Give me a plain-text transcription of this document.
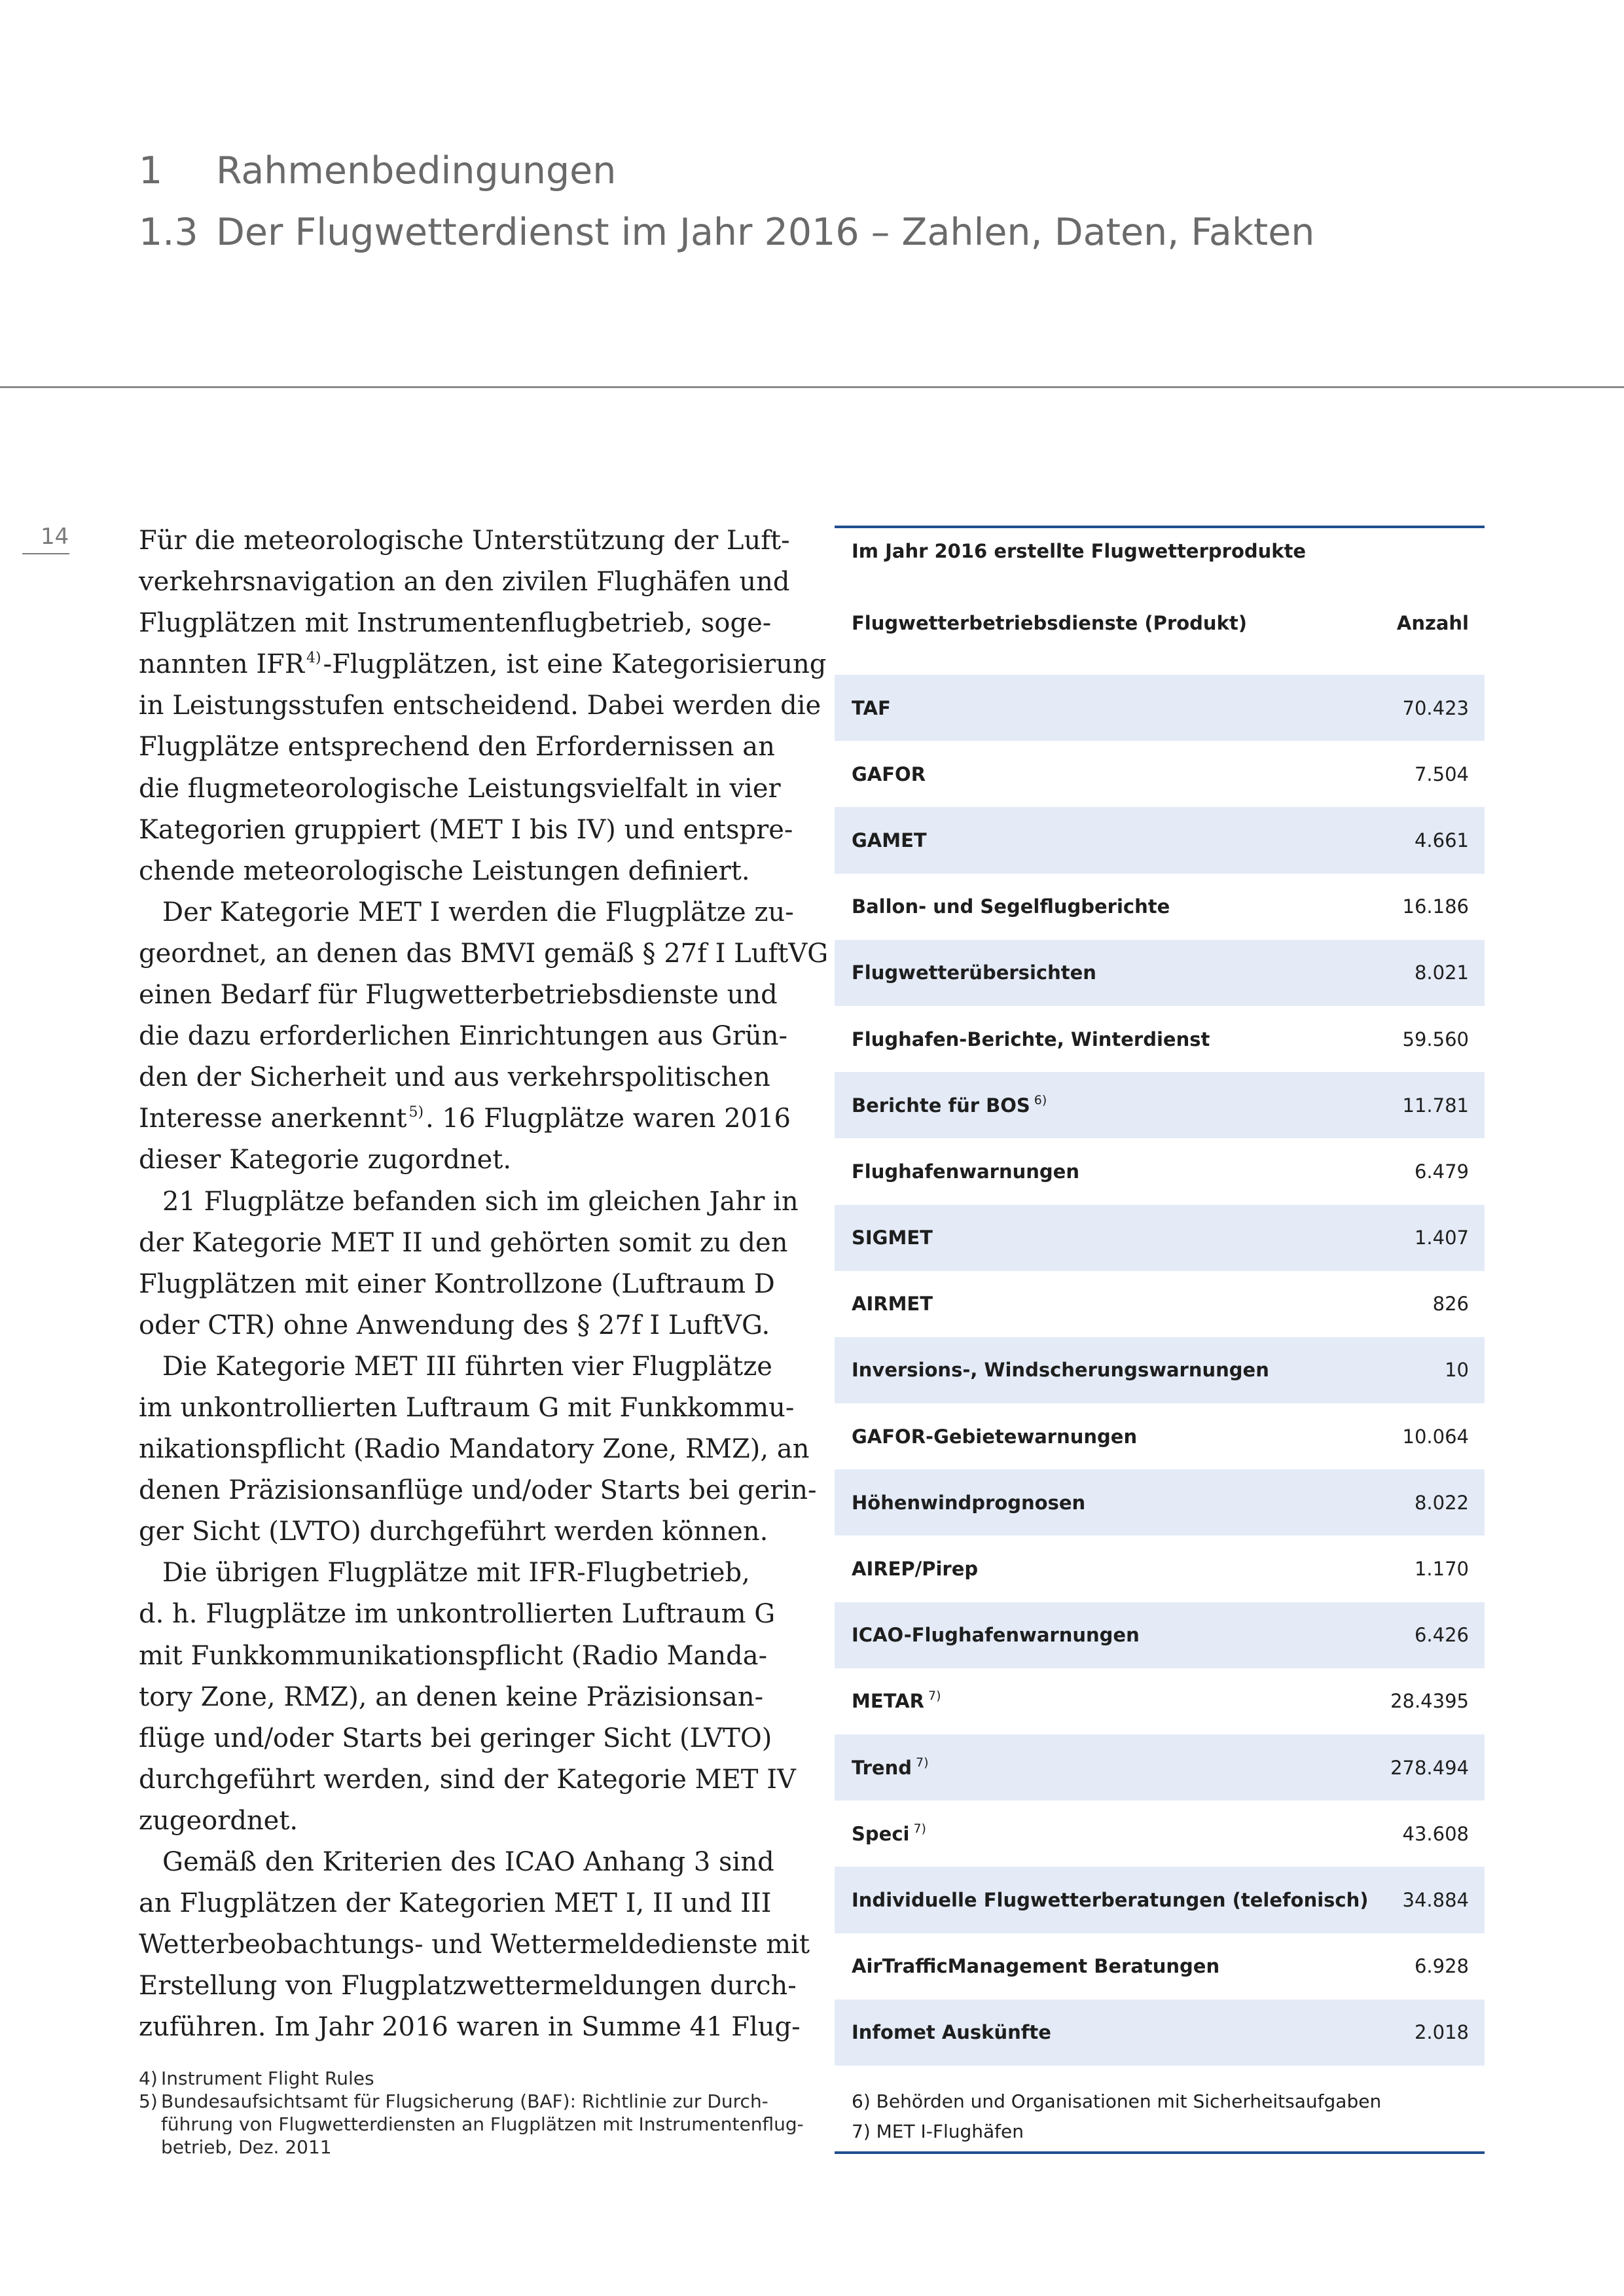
1 Rahmenbedingungen
1.3 Der Flugwetterdienst im Jahr 2016 – Zahlen, Daten, Fakten
14	Für die meteorologische Unterstützung der Luft-
verkehrsnavigation an den zivilen Flughäfen und
Flugplätzen mit Instrumentenflugbetrieb, soge-
nannten IFR $^{4)}$-Flugplätzen, ist eine Kategorisierung
in Leistungsstufen entscheidend. Dabei werden die
Flugplätze entsprechend den Erfordernissen an
die flugmeteorologische Leistungsvielfalt in vier
Kategorien gruppiert (MET I bis IV) und entspre-
chende meteorologische Leistungen definiert.
Der Kategorie MET I werden die Flugplätze zu-
geordnet, an denen das BMVI gemäß § 27f I LuftVG
einen Bedarf für Flugwetterbetriebsdienste und
die dazu erforderlichen Einrichtungen aus Grün-
den der Sicherheit und aus verkehrspolitischen
Interesse anerkennt $^{5)}$. 16 Flugplätze waren 2016
dieser Kategorie zugordnet.
21 Flugplätze befanden sich im gleichen Jahr in
der Kategorie MET II und gehörten somit zu den
Flugplätzen mit einer Kontrollzone (Luftraum D
oder CTR) ohne Anwendung des § 27f I LuftVG.
Die Kategorie MET III führten vier Flugplätze
im unkontrollierten Luftraum G mit Funkkommu-
nikationspflicht (Radio Mandatory Zone, RMZ), an
denen Präzisionsanflüge und/oder Starts bei gerin-
ger Sicht (LVTO) durchgeführt werden können.
Die übrigen Flugplätze mit IFR-Flugbetrieb,
d. h. Flugplätze im unkontrollierten Luftraum G
mit Funkkommunikationspflicht (Radio Manda-
tory Zone, RMZ), an denen keine Präzisionsan-
flüge und/oder Starts bei geringer Sicht (LVTO)
durchgeführt werden, sind der Kategorie MET IV
zugeordnet.
Gemäß den Kriterien des ICAO Anhang 3 sind
an Flugplätzen der Kategorien MET I, II und III
Wetterbeobachtungs- und Wettermeldedienste mit
Erstellung von Flugplatzwettermeldungen durch-
zuführen. Im Jahr 2016 waren in Summe 41 Flug-
4) Instrument Flight Rules
5) Bundesaufsichtsamt für Flugsicherung (BAF): Richtlinie zur Durch-
führung von Flugwetterdiensten an Flugplätzen mit Instrumentenflug-
betrieb, Dez. 2011
Im Jahr 2016 erstellte Flugwetterprodukte
Flugwetterbetriebsdienste (Produkt)	Anzahl
TAF	70.423
GAFOR	7.504
GAMET	4.661
Ballon- und Segelflugberichte	16.186
Flugwetterübersichten	8.021
Flughafen-Berichte, Winterdienst	59.560
Berichte für BOS $^{6)}$	11.781
Flughafenwarnungen	6.479
SIGMET	1.407
AIRMET	826
Inversions-, Windscherungswarnungen	10
GAFOR-Gebietewarnungen	10.064
Höhenwindprognosen	8.022
AIREP/Pirep	1.170
ICAO-Flughafenwarnungen	6.426
METAR $^{7)}$	28.4395
Trend $^{7)}$	278.494
Speci $^{7)}$	43.608
Individuelle Flugwetterberatungen (telefonisch) 34.884
AirTrafficManagement Beratungen	6.928
Infomet Auskünfte	2.018
6) Behörden und Organisationen mit Sicherheitsaufgaben
7) MET I-Flughäfen
